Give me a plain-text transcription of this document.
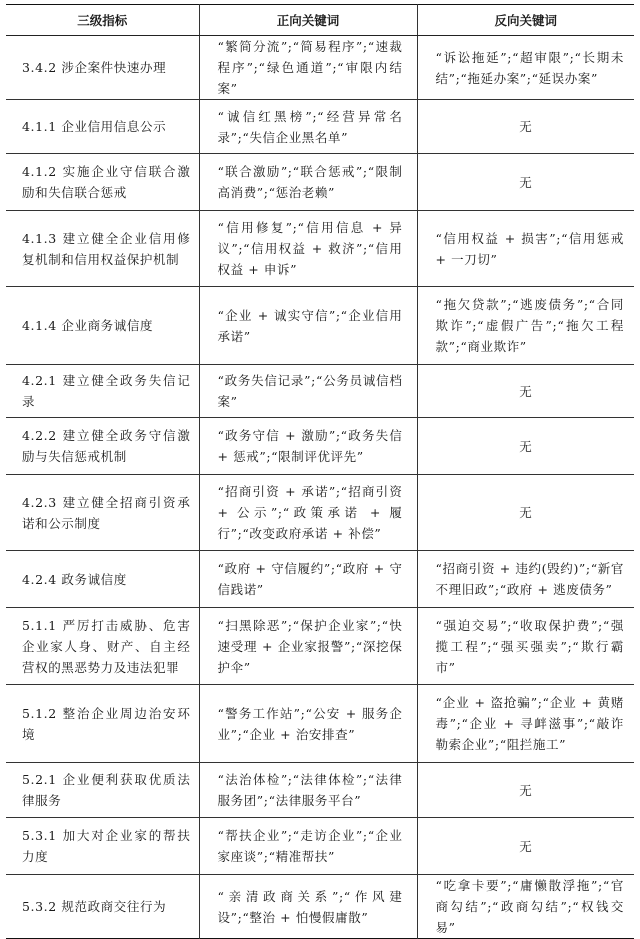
三级指标	正向关键词	反向关键词
3.4.2 涉企案件快速办理	“繁简分流”;“简易程序”;“速裁程序”;“绿色通道”;“审限内结案”	“诉讼拖延”;“超审限”;“长期未结”;“拖延办案”;“延误办案”
4.1.1 企业信用信息公示	“诚信红黑榜”;“经营异常名录”;“失信企业黑名单”	无
4.1.2 实施企业守信联合激励和失信联合惩戒	“联合激励”;“联合惩戒”;“限制高消费”;“惩治老赖”	无
4.1.3 建立健全企业信用修复机制和信用权益保护机制	“信用修复”;“信用信息 + 异议”;“信用权益 + 救济”;“信用权益 + 申诉”	“信用权益 + 损害”;“信用惩戒 + 一刀切”
4.1.4 企业商务诚信度	“企业 + 诚实守信”;“企业信用承诺”	“拖欠贷款”;“逃废债务”;“合同欺诈”;“虚假广告”;“拖欠工程款”;“商业欺诈”
4.2.1 建立健全政务失信记录	“政务失信记录”;“公务员诚信档案”	无
4.2.2 建立健全政务守信激励与失信惩戒机制	“政务守信 + 激励”;“政务失信 + 惩戒”;“限制评优评先”	无
4.2.3 建立健全招商引资承诺和公示制度	“招商引资 + 承诺”;“招商引资 + 公示”;“政策承诺 + 履行”;“改变政府承诺 + 补偿”	无
4.2.4 政务诚信度	“政府 + 守信履约”;“政府 + 守信践诺”	“招商引资 + 违约(毁约)”;“新官不理旧政”;“政府 + 逃废债务”
5.1.1 严厉打击威胁、危害企业家人身、财产、自主经营权的黑恶势力及违法犯罪	“扫黑除恶”;“保护企业家”;“快速受理 + 企业家报警”;“深挖保护伞”	“强迫交易”;“收取保护费”;“强揽工程”;“强买强卖”;“欺行霸市”
5.1.2 整治企业周边治安环境	“警务工作站”;“公安 + 服务企业”;“企业 + 治安排查”	“企业 + 盗抢骗”;“企业 + 黄赌毒”;“企业 + 寻衅滋事”;“敲诈勒索企业”;“阻拦施工”
5.2.1 企业便利获取优质法律服务	“法治体检”;“法律体检”;“法律服务团”;“法律服务平台”	无
5.3.1 加大对企业家的帮扶力度	“帮扶企业”;“走访企业”;“企业家座谈”;“精准帮扶”	无
5.3.2 规范政商交往行为	“亲清政商关系”;“作风建设”;“整治 + 怕慢假庸散”	“吃拿卡要”;“庸懒散浮拖”;“官商勾结”;“政商勾结”;“权钱交易”
